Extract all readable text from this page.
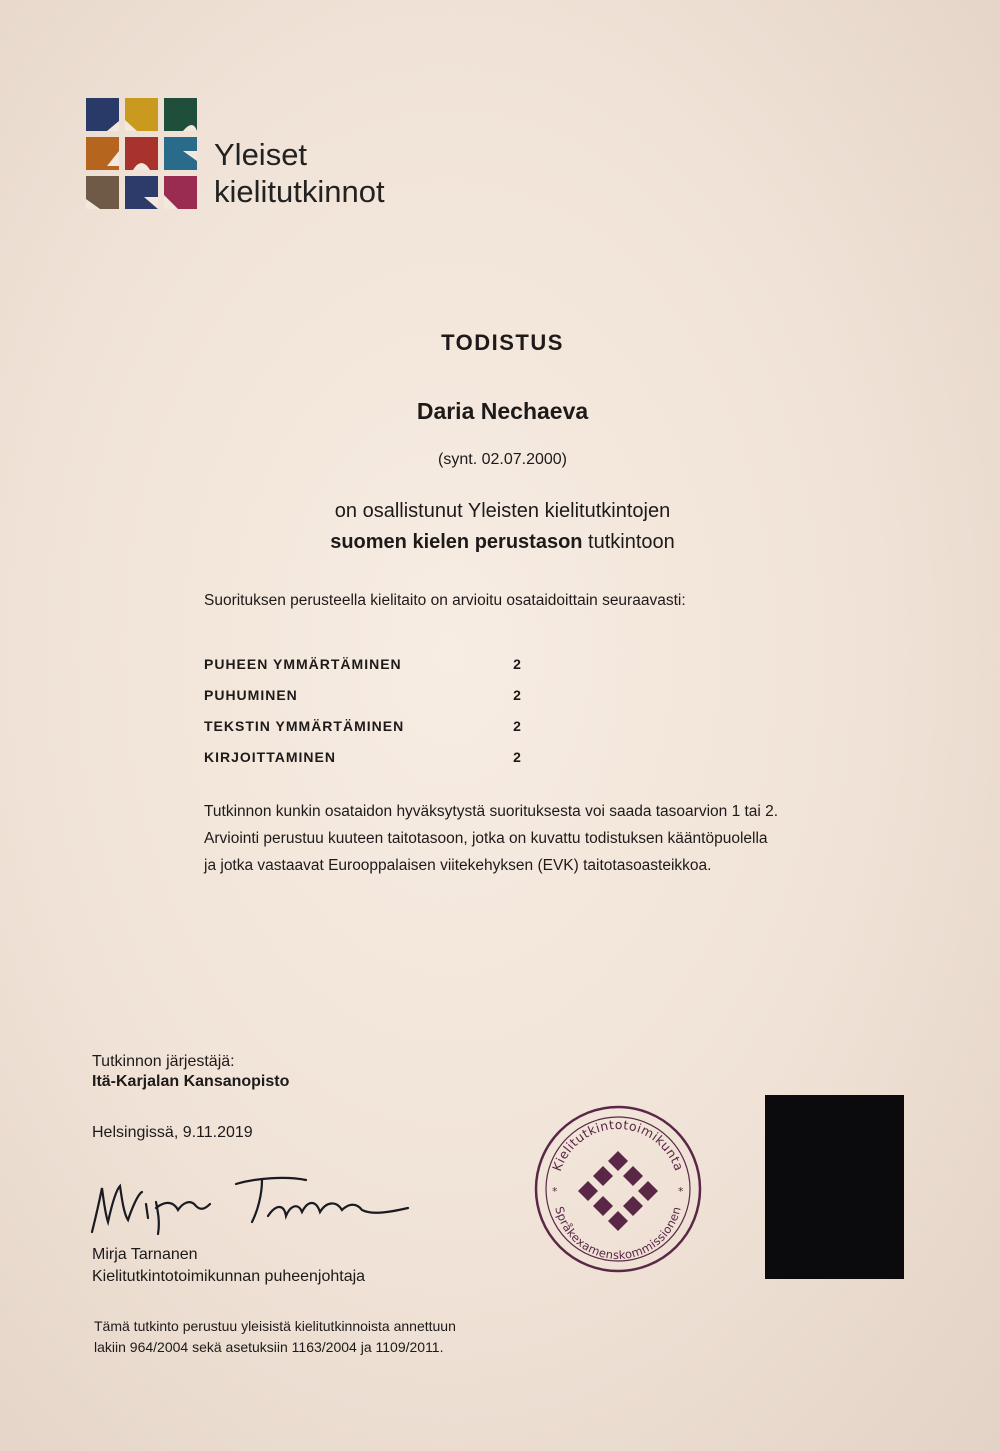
Yleiset
kielitutkinnot
TODISTUS
Daria Nechaeva
(synt. 02.07.2000)
on osallistunut Yleisten kielitutkintojen
suomen kielen perustason tutkintoon
Suorituksen perusteella kielitaito on arvioitu osataidoittain seuraavasti:
PUHEEN YMMÄRTÄMINEN	2
PUHUMINEN	2
TEKSTIN YMMÄRTÄMINEN	2
KIRJOITTAMINEN	2
Tutkinnon kunkin osataidon hyväksytystä suorituksesta voi saada tasoarvion 1 tai 2.
Arviointi perustuu kuuteen taitotasoon, jotka on kuvattu todistuksen kääntöpuolella
ja jotka vastaavat Eurooppalaisen viitekehyksen (EVK) taitotasoasteikkoa.
Tutkinnon järjestäjä:
Itä-Karjalan Kansanopisto
Helsingissä, 9.11.2019
Mirja Tarnanen
Kielitutkintotoimikunnan puheenjohtaja
Tämä tutkinto perustuu yleisistä kielitutkinnoista annettuun
lakiin 964/2004 sekä asetuksiin 1163/2004 ja 1109/2011.
Kielitutkintotoimikunta
Språkexamenskommissionen
*	*
